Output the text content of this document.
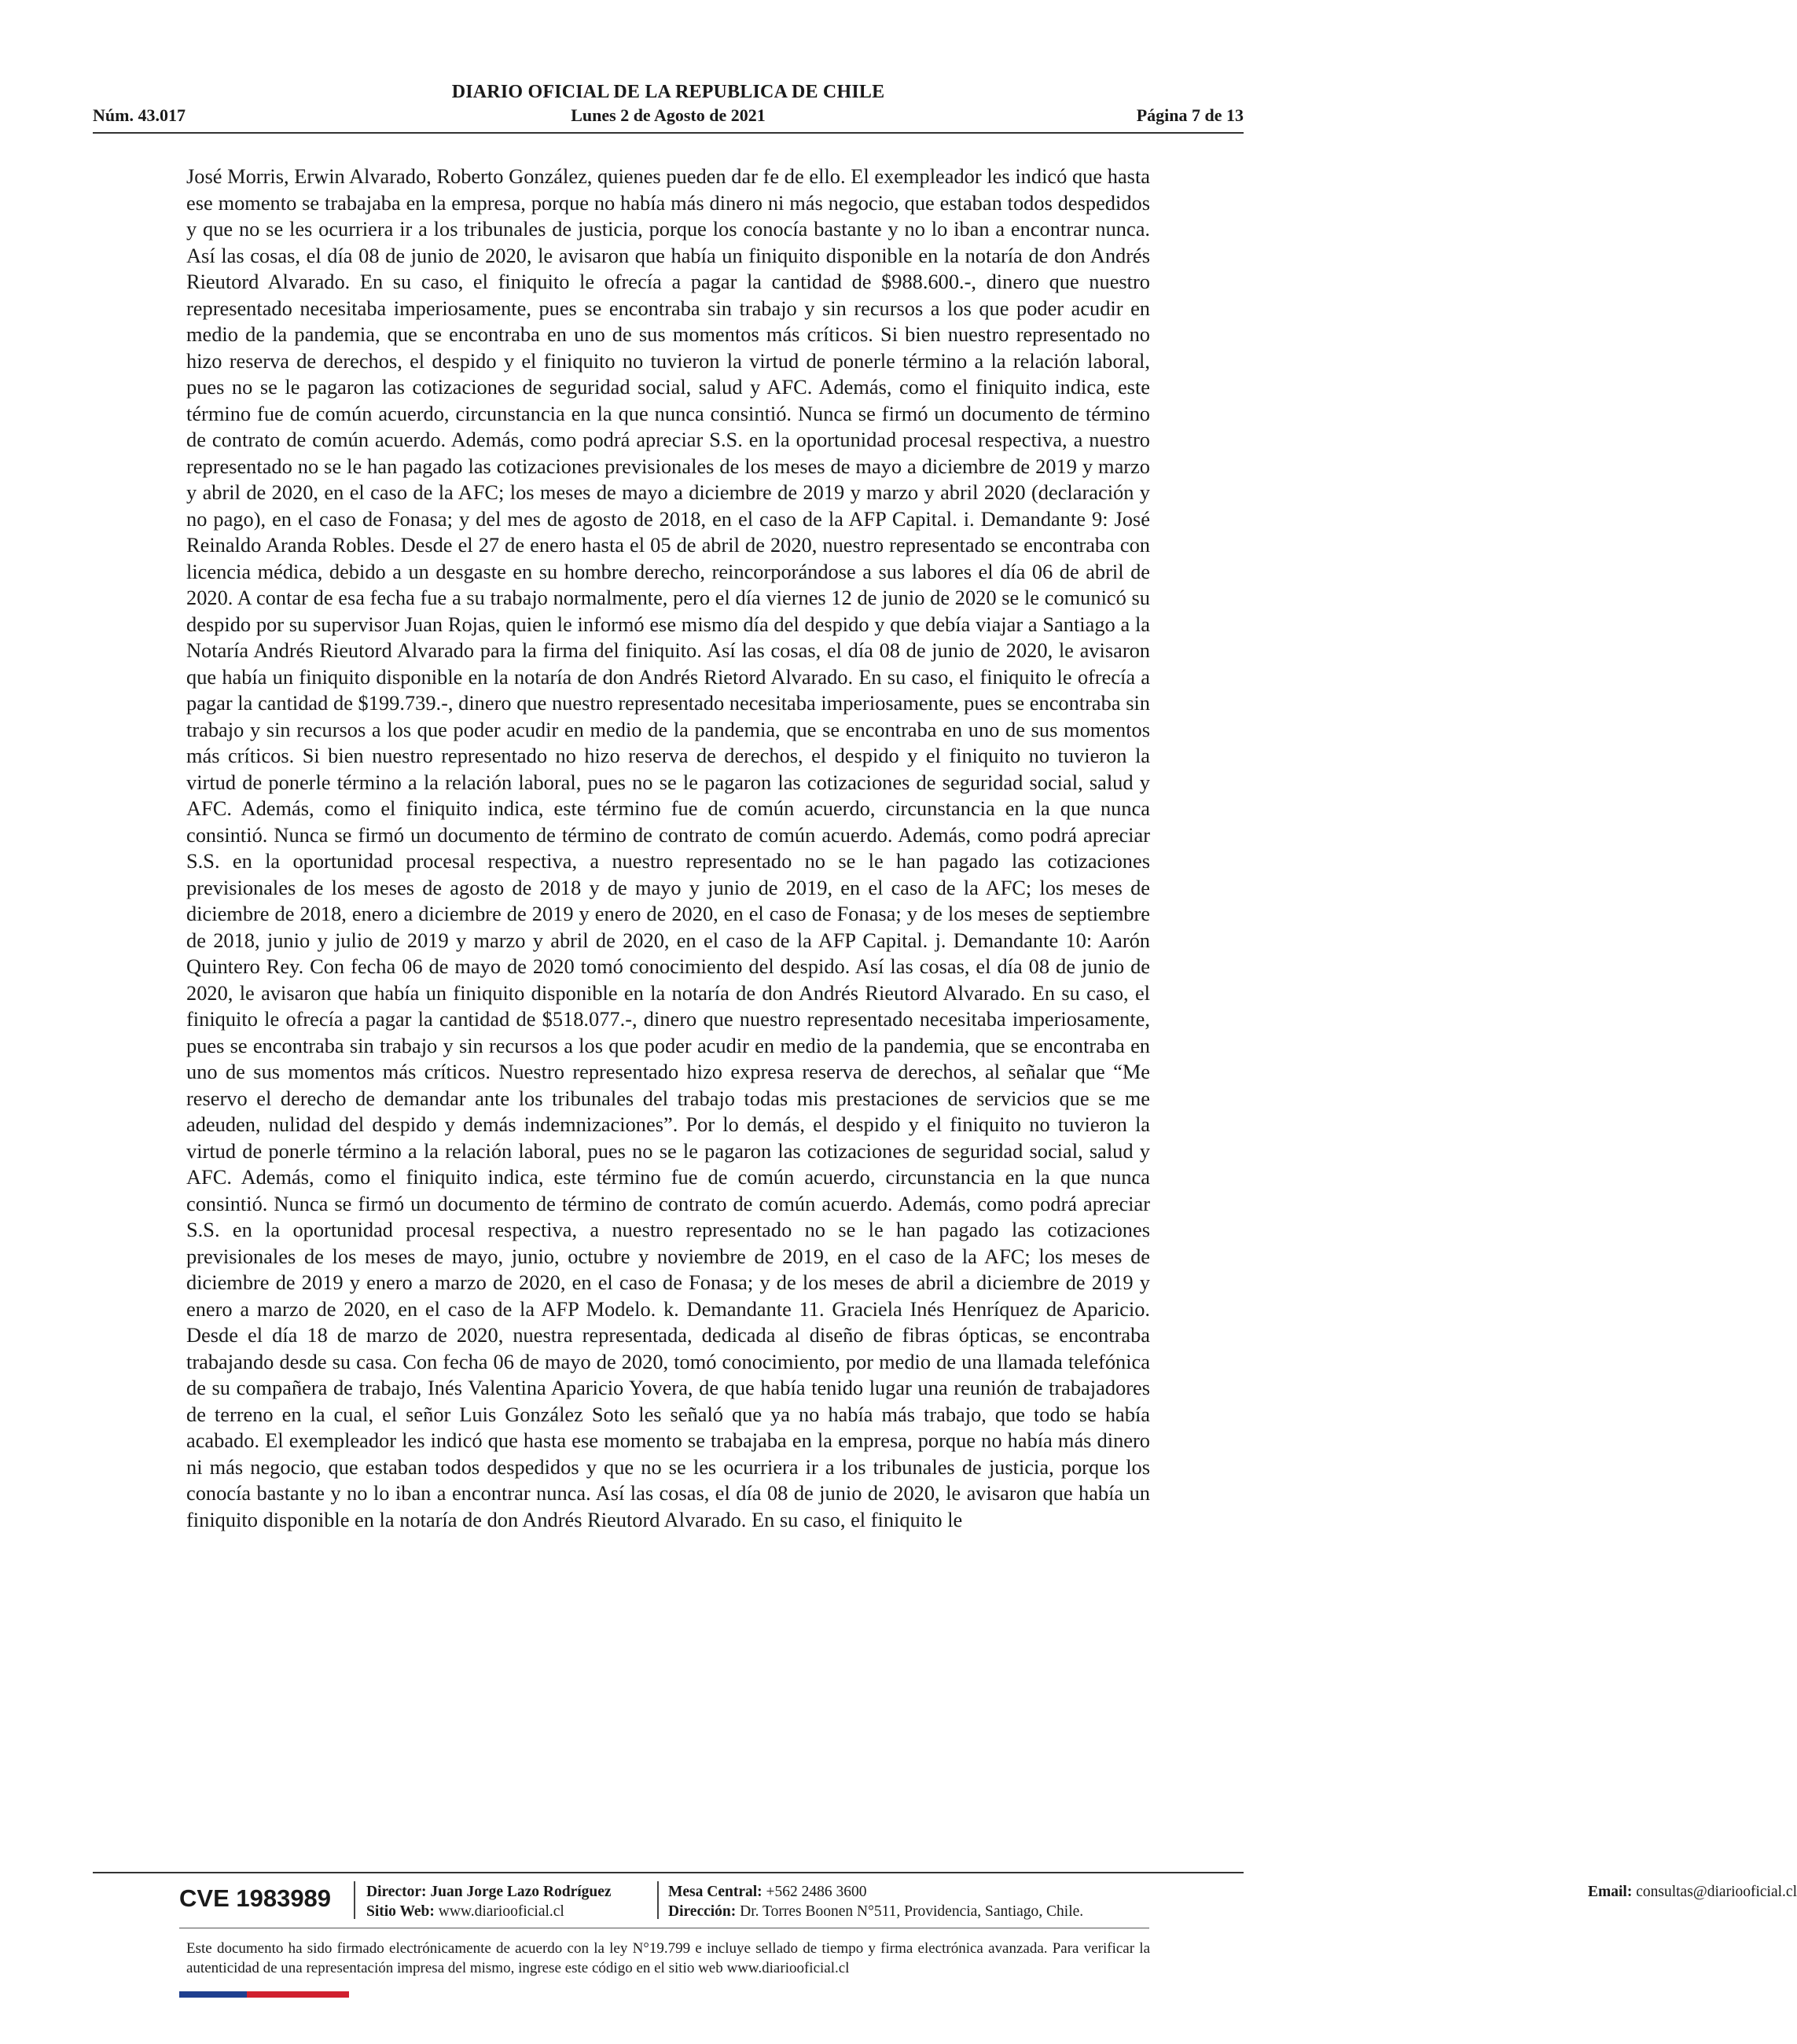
DIARIO OFICIAL DE LA REPUBLICA DE CHILE
Núm. 43.017	Lunes 2 de Agosto de 2021	Página 7 de 13

José Morris, Erwin Alvarado, Roberto González, quienes pueden dar fe de ello. El exempleador les indicó que hasta ese momento se trabajaba en la empresa, porque no había más dinero ni más negocio, que estaban todos despedidos y que no se les ocurriera ir a los tribunales de justicia, porque los conocía bastante y no lo iban a encontrar nunca. Así las cosas, el día 08 de junio de 2020, le avisaron que había un finiquito disponible en la notaría de don Andrés Rieutord Alvarado. En su caso, el finiquito le ofrecía a pagar la cantidad de $988.600.-, dinero que nuestro representado necesitaba imperiosamente, pues se encontraba sin trabajo y sin recursos a los que poder acudir en medio de la pandemia, que se encontraba en uno de sus momentos más críticos. Si bien nuestro representado no hizo reserva de derechos, el despido y el finiquito no tuvieron la virtud de ponerle término a la relación laboral, pues no se le pagaron las cotizaciones de seguridad social, salud y AFC. Además, como el finiquito indica, este término fue de común acuerdo, circunstancia en la que nunca consintió. Nunca se firmó un documento de término de contrato de común acuerdo. Además, como podrá apreciar S.S. en la oportunidad procesal respectiva, a nuestro representado no se le han pagado las cotizaciones previsionales de los meses de mayo a diciembre de 2019 y marzo y abril de 2020, en el caso de la AFC; los meses de mayo a diciembre de 2019 y marzo y abril 2020 (declaración y no pago), en el caso de Fonasa; y del mes de agosto de 2018, en el caso de la AFP Capital. i. Demandante 9: José Reinaldo Aranda Robles. Desde el 27 de enero hasta el 05 de abril de 2020, nuestro representado se encontraba con licencia médica, debido a un desgaste en su hombre derecho, reincorporándose a sus labores el día 06 de abril de 2020. A contar de esa fecha fue a su trabajo normalmente, pero el día viernes 12 de junio de 2020 se le comunicó su despido por su supervisor Juan Rojas, quien le informó ese mismo día del despido y que debía viajar a Santiago a la Notaría Andrés Rieutord Alvarado para la firma del finiquito. Así las cosas, el día 08 de junio de 2020, le avisaron que había un finiquito disponible en la notaría de don Andrés Rietord Alvarado. En su caso, el finiquito le ofrecía a pagar la cantidad de $199.739.-, dinero que nuestro representado necesitaba imperiosamente, pues se encontraba sin trabajo y sin recursos a los que poder acudir en medio de la pandemia, que se encontraba en uno de sus momentos más críticos. Si bien nuestro representado no hizo reserva de derechos, el despido y el finiquito no tuvieron la virtud de ponerle término a la relación laboral, pues no se le pagaron las cotizaciones de seguridad social, salud y AFC. Además, como el finiquito indica, este término fue de común acuerdo, circunstancia en la que nunca consintió. Nunca se firmó un documento de término de contrato de común acuerdo. Además, como podrá apreciar S.S. en la oportunidad procesal respectiva, a nuestro representado no se le han pagado las cotizaciones previsionales de los meses de agosto de 2018 y de mayo y junio de 2019, en el caso de la AFC; los meses de diciembre de 2018, enero a diciembre de 2019 y enero de 2020, en el caso de Fonasa; y de los meses de septiembre de 2018, junio y julio de 2019 y marzo y abril de 2020, en el caso de la AFP Capital. j. Demandante 10: Aarón Quintero Rey. Con fecha 06 de mayo de 2020 tomó conocimiento del despido. Así las cosas, el día 08 de junio de 2020, le avisaron que había un finiquito disponible en la notaría de don Andrés Rieutord Alvarado. En su caso, el finiquito le ofrecía a pagar la cantidad de $518.077.-, dinero que nuestro representado necesitaba imperiosamente, pues se encontraba sin trabajo y sin recursos a los que poder acudir en medio de la pandemia, que se encontraba en uno de sus momentos más críticos. Nuestro representado hizo expresa reserva de derechos, al señalar que “Me reservo el derecho de demandar ante los tribunales del trabajo todas mis prestaciones de servicios que se me adeuden, nulidad del despido y demás indemnizaciones”. Por lo demás, el despido y el finiquito no tuvieron la virtud de ponerle término a la relación laboral, pues no se le pagaron las cotizaciones de seguridad social, salud y AFC. Además, como el finiquito indica, este término fue de común acuerdo, circunstancia en la que nunca consintió. Nunca se firmó un documento de término de contrato de común acuerdo. Además, como podrá apreciar S.S. en la oportunidad procesal respectiva, a nuestro representado no se le han pagado las cotizaciones previsionales de los meses de mayo, junio, octubre y noviembre de 2019, en el caso de la AFC; los meses de diciembre de 2019 y enero a marzo de 2020, en el caso de Fonasa; y de los meses de abril a diciembre de 2019 y enero a marzo de 2020, en el caso de la AFP Modelo. k. Demandante 11. Graciela Inés Henríquez de Aparicio. Desde el día 18 de marzo de 2020, nuestra representada, dedicada al diseño de fibras ópticas, se encontraba trabajando desde su casa. Con fecha 06 de mayo de 2020, tomó conocimiento, por medio de una llamada telefónica de su compañera de trabajo, Inés Valentina Aparicio Yovera, de que había tenido lugar una reunión de trabajadores de terreno en la cual, el señor Luis González Soto les señaló que ya no había más trabajo, que todo se había acabado. El exempleador les indicó que hasta ese momento se trabajaba en la empresa, porque no había más dinero ni más negocio, que estaban todos despedidos y que no se les ocurriera ir a los tribunales de justicia, porque los conocía bastante y no lo iban a encontrar nunca. Así las cosas, el día 08 de junio de 2020, le avisaron que había un finiquito disponible en la notaría de don Andrés Rieutord Alvarado. En su caso, el finiquito le

CVE 1983989	Director: Juan Jorge Lazo Rodríguez
Sitio Web: www.diariooficial.cl
Mesa Central: +562 2486 3600	Email: consultas@diariooficial.cl
Dirección: Dr. Torres Boonen N°511, Providencia, Santiago, Chile.

Este documento ha sido firmado electrónicamente de acuerdo con la ley N°19.799 e incluye sellado de tiempo y firma electrónica avanzada. Para verificar la autenticidad de una representación impresa del mismo, ingrese este código en el sitio web www.diariooficial.cl
